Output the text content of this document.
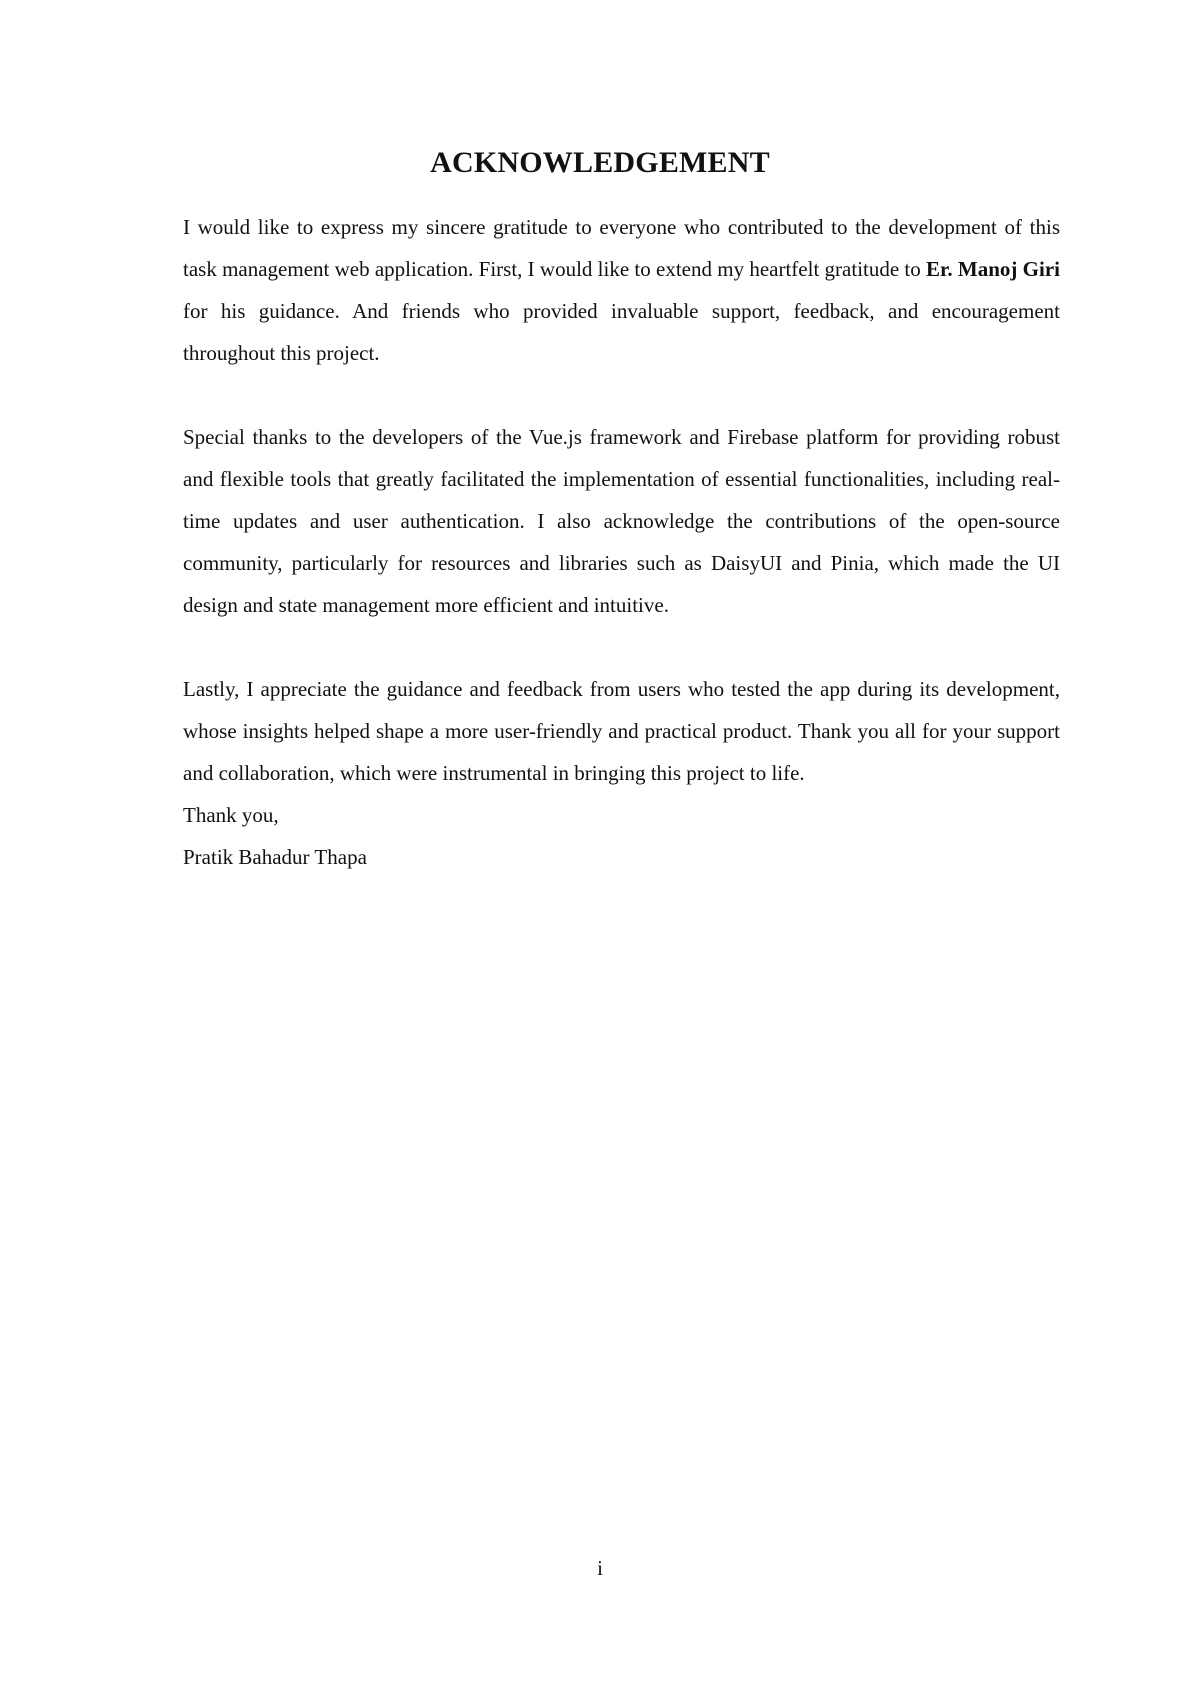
ACKNOWLEDGEMENT

I would like to express my sincere gratitude to everyone who contributed to the development of this task management web application. First, I would like to extend my heartfelt gratitude to Er. Manoj Giri for his guidance. And friends who provided invaluable support, feedback, and encouragement throughout this project.

Special thanks to the developers of the Vue.js framework and Firebase platform for providing robust and flexible tools that greatly facilitated the implementation of essential functionalities, including real-time updates and user authentication. I also acknowledge the contributions of the open-source community, particularly for resources and libraries such as DaisyUI and Pinia, which made the UI design and state management more efficient and intuitive.

Lastly, I appreciate the guidance and feedback from users who tested the app during its development, whose insights helped shape a more user-friendly and practical product. Thank you all for your support and collaboration, which were instrumental in bringing this project to life.

Thank you,

Pratik Bahadur Thapa

i
